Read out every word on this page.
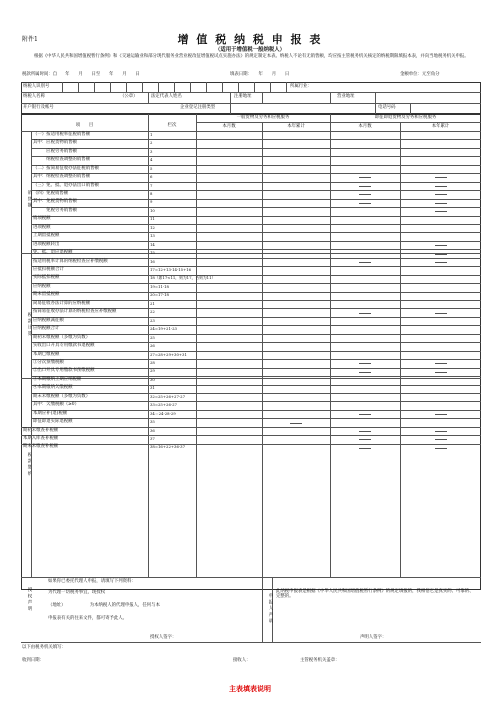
附件1	增 值 税 纳 税 申 报 表
（适用于增值税一般纳税人）
根据《中华人民共和国增值税暂行条例》和《交通运输业和部分现代服务业营业税改征增值税试点实施办法》的规定制定本表。纳税人不论有无销售额，均应按主管税务机关核定的纳税期限填报本表，并向当地税务机关申报。
税款所属时间：自 年　　月　　日至　　年　　月　　日	填表日期：　　年　　月　　日	金额单位：元至角分
纳税人识别号	所属行业：
纳税人名称	（公章）	法定代表人姓名	注册地址	营业地址
开户银行及帐号	企业登记注册类型	电话号码
项　　目	栏次
一般货物及劳务和应税服务	即征即退货物及劳务和应税服务
本月数	本年累计	本月数	本年累计
销售额
税款计算
税款缴纳
（一）按适用税率征税销售额	1
其中：应税货物销售额	2
　　　应税劳务销售额	3
　　　纳税检查调整的销售额	4
（二）按简易征收办法征税销售额	5
其中：纳税检查调整的销售额	6
（三）免、抵、退办法出口销售额	7
（四）免税销售额	8
其中：免税货物销售额	9
　　　免税劳务销售额	10
销项税额	11
进项税额	12
上期留抵税额	13
进项税额转出	14
免、抵、退应退税额	15
按适用税率计算的纳税检查应补缴税额	16
应抵扣税额合计	17=12+13-14-15+16
实际抵扣税额	18（如17<11，则为17，否则为11）
应纳税额	19=11-18
期末留抵税额	20=17-18
简易征收办法计算的应纳税额	21
按简易征收办法计算的纳税检查应补缴税额	22
应纳税额减征额	23
应纳税额合计	24=19+21-23
期初未缴税额（多缴为负数）	25
实收出口开具专用缴款书退税额	26
本期已缴税额	27=28+29+30+31
①分次预缴税额	28
②出口开具专用缴款书预缴税额	29
③本期缴纳上期应纳税额	30
④本期缴纳欠缴税额	31
期末未缴税额（多缴为负数）	32=25+26+27-27
其中：欠缴税额（≥0）	33=25+26-27
本期应补(退)税额	34＝24-28-29
即征即退实际退税额	35
期初未缴查补税额	36
本期入库查补税额	37
期末未缴查补税额	38=16+22+36-37
授权声明
如果你已委托代理人申报，请填写下列资料：
为代理一切税务事宜，现授权
（地址）　　　　　　为本纳税人的代理申报人，任何与本
申报表有关的往来文件，都可寄予此人。
授权人签字：
申报人声明
此纳税申报表是根据《中华人民共和国增值税暂行条例》的规定填报的，我相信它是真实的、可靠的、完整的。
声明人签字：
以下由税务机关填写：
收到日期：	接收人：	主管税务机关盖章：
主表填表说明
